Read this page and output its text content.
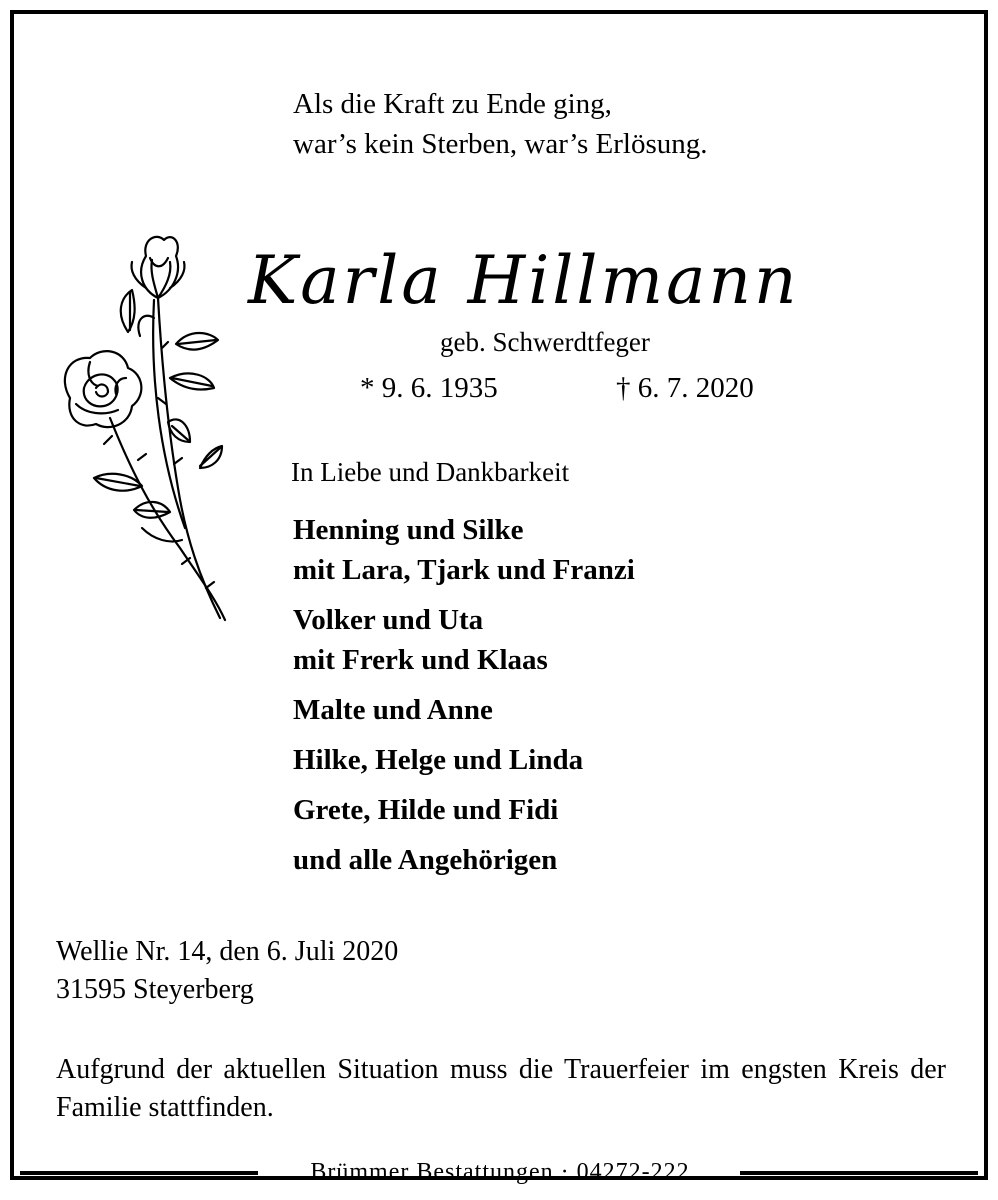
Als die Kraft zu Ende ging,
war’s kein Sterben, war’s Erlösung.
Karla Hillmann
geb. Schwerdtfeger
* 9. 6. 1935	† 6. 7. 2020
In Liebe und Dankbarkeit
Henning und Silke
mit Lara, Tjark und Franzi
Volker und Uta
mit Frerk und Klaas
Malte und Anne
Hilke, Helge und Linda
Grete, Hilde und Fidi
und alle Angehörigen
Wellie Nr. 14, den 6. Juli 2020
31595 Steyerberg
Aufgrund der aktuellen Situation muss die Trauerfeier im engsten Kreis der Familie stattfinden.
Brümmer Bestattungen · 04272-222
